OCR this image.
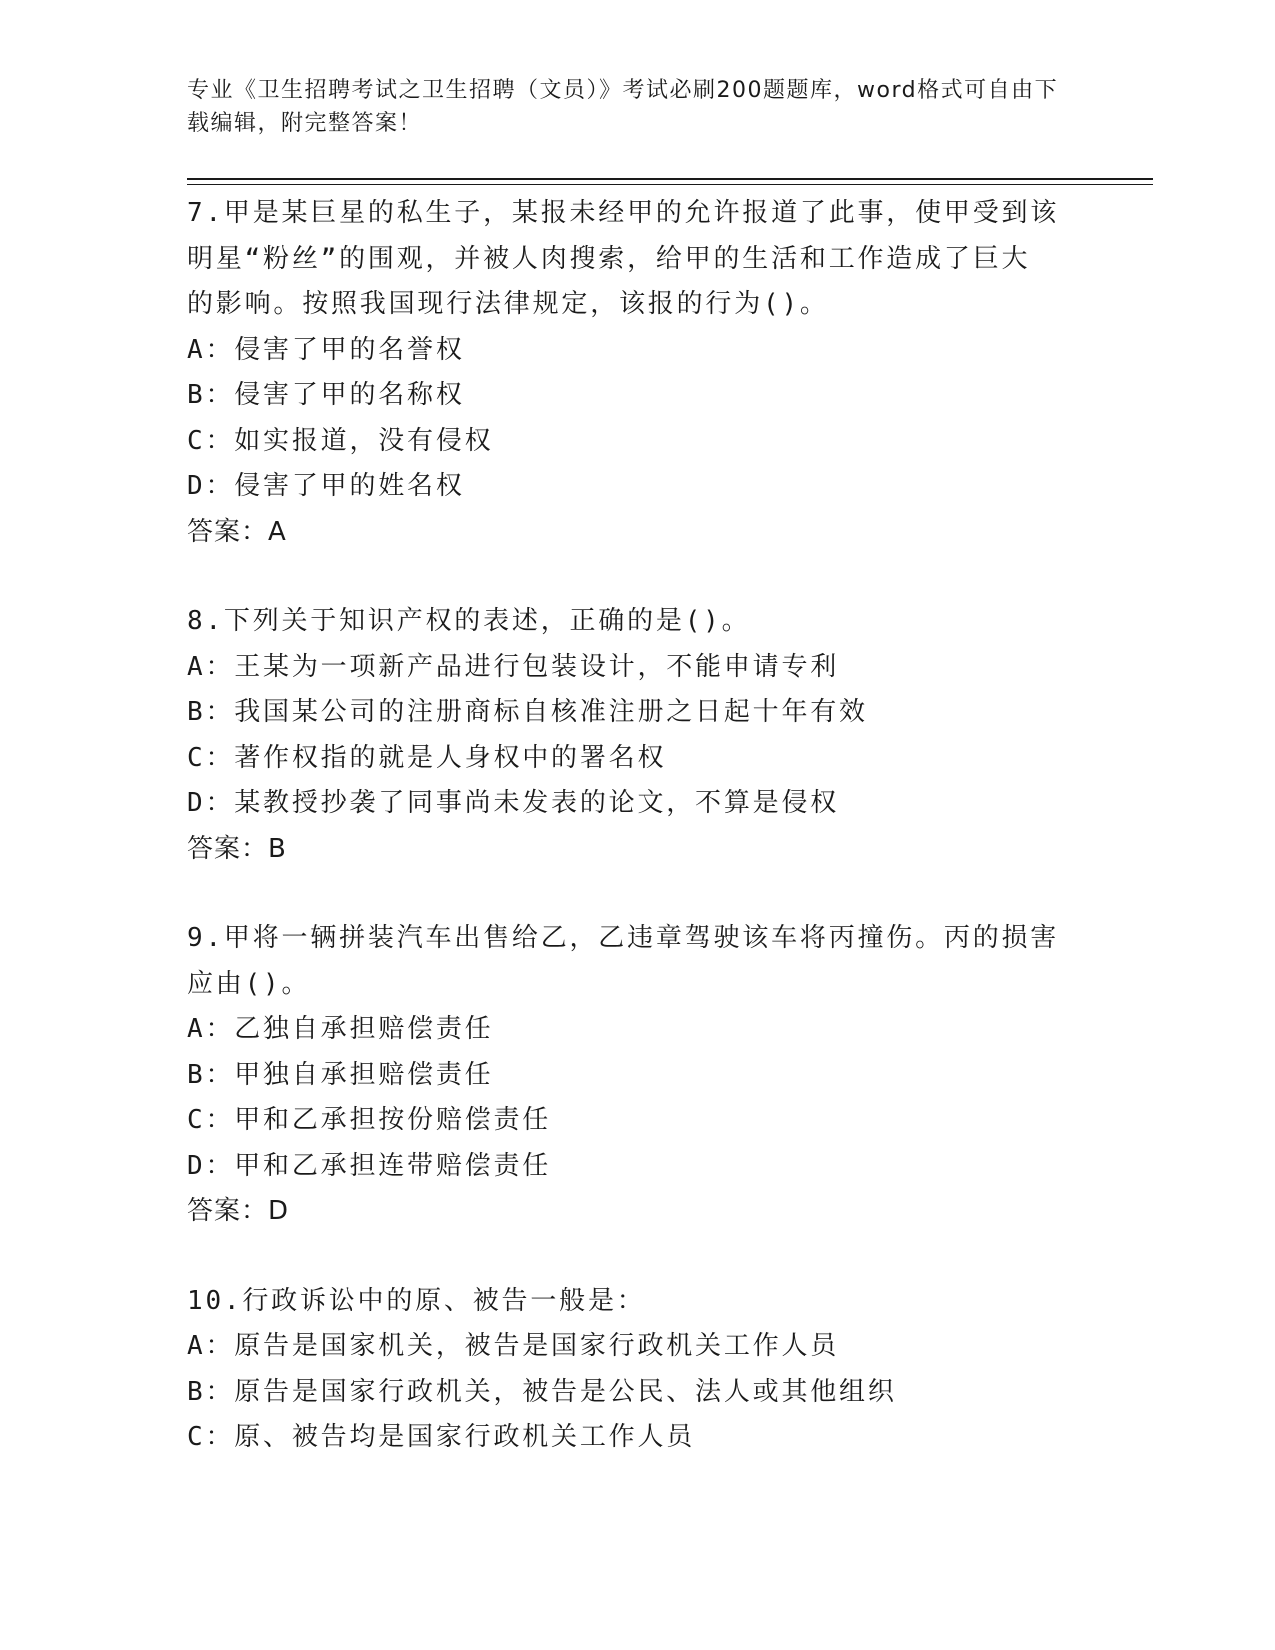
专业《卫生招聘考试之卫生招聘（文员）》考试必刷200题题库，word格式可自由下载编辑，附完整答案！
7.甲是某巨星的私生子，某报未经甲的允许报道了此事，使甲受到该
明星“粉丝”的围观，并被人肉搜索，给甲的生活和工作造成了巨大
的影响。按照我国现行法律规定，该报的行为()。
A：侵害了甲的名誉权
B：侵害了甲的名称权
C：如实报道，没有侵权
D：侵害了甲的姓名权
答案：A
8.下列关于知识产权的表述，正确的是()。
A：王某为一项新产品进行包装设计，不能申请专利
B：我国某公司的注册商标自核准注册之日起十年有效
C：著作权指的就是人身权中的署名权
D：某教授抄袭了同事尚未发表的论文，不算是侵权
答案：B
9.甲将一辆拼装汽车出售给乙，乙违章驾驶该车将丙撞伤。丙的损害
应由()。
A：乙独自承担赔偿责任
B：甲独自承担赔偿责任
C：甲和乙承担按份赔偿责任
D：甲和乙承担连带赔偿责任
答案：D
10.行政诉讼中的原、被告一般是：
A：原告是国家机关，被告是国家行政机关工作人员
B：原告是国家行政机关，被告是公民、法人或其他组织
C：原、被告均是国家行政机关工作人员
